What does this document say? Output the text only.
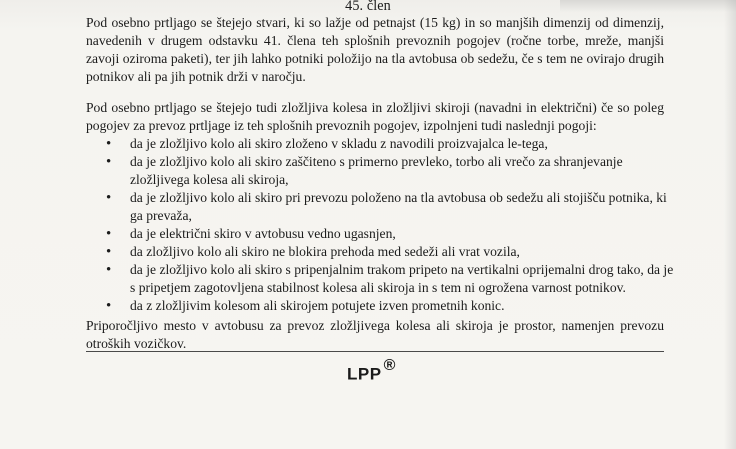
45. člen
Pod osebno prtljago se štejejo stvari, ki so lažje od petnajst (15 kg) in so manjših dimenzij od dimenzij, navedenih v drugem odstavku 41. člena teh splošnih prevoznih pogojev (ročne torbe, mreže, manjši zavoji oziroma paketi), ter jih lahko potniki položijo na tla avtobusa ob sedežu, če s tem ne ovirajo drugih potnikov ali pa jih potnik drži v naročju.
Pod osebno prtljago se štejejo tudi zložljiva kolesa in zložljivi skiroji (navadni in električni) če so poleg pogojev za prevoz prtljage iz teh splošnih prevoznih pogojev, izpolnjeni tudi naslednji pogoji:
• da je zložljivo kolo ali skiro zloženo v skladu z navodili proizvajalca le-tega,
• da je zložljivo kolo ali skiro zaščiteno s primerno prevleko, torbo ali vrečo za shranjevanje zložljivega kolesa ali skiroja,
• da je zložljivo kolo ali skiro pri prevozu položeno na tla avtobusa ob sedežu ali stojišču potnika, ki ga prevaža,
• da je električni skiro v avtobusu vedno ugasnjen,
• da zložljivo kolo ali skiro ne blokira prehoda med sedeži ali vrat vozila,
• da je zložljivo kolo ali skiro s pripenjalnim trakom pripeto na vertikalni oprijemalni drog tako, da je s pripetjem zagotovljena stabilnost kolesa ali skiroja in s tem ni ogrožena varnost potnikov.
• da z zložljivim kolesom ali skirojem potujete izven prometnih konic.
Priporočljivo mesto v avtobusu za prevoz zložljivega kolesa ali skiroja je prostor, namenjen prevozu otroških vozičkov.
LPP ®
